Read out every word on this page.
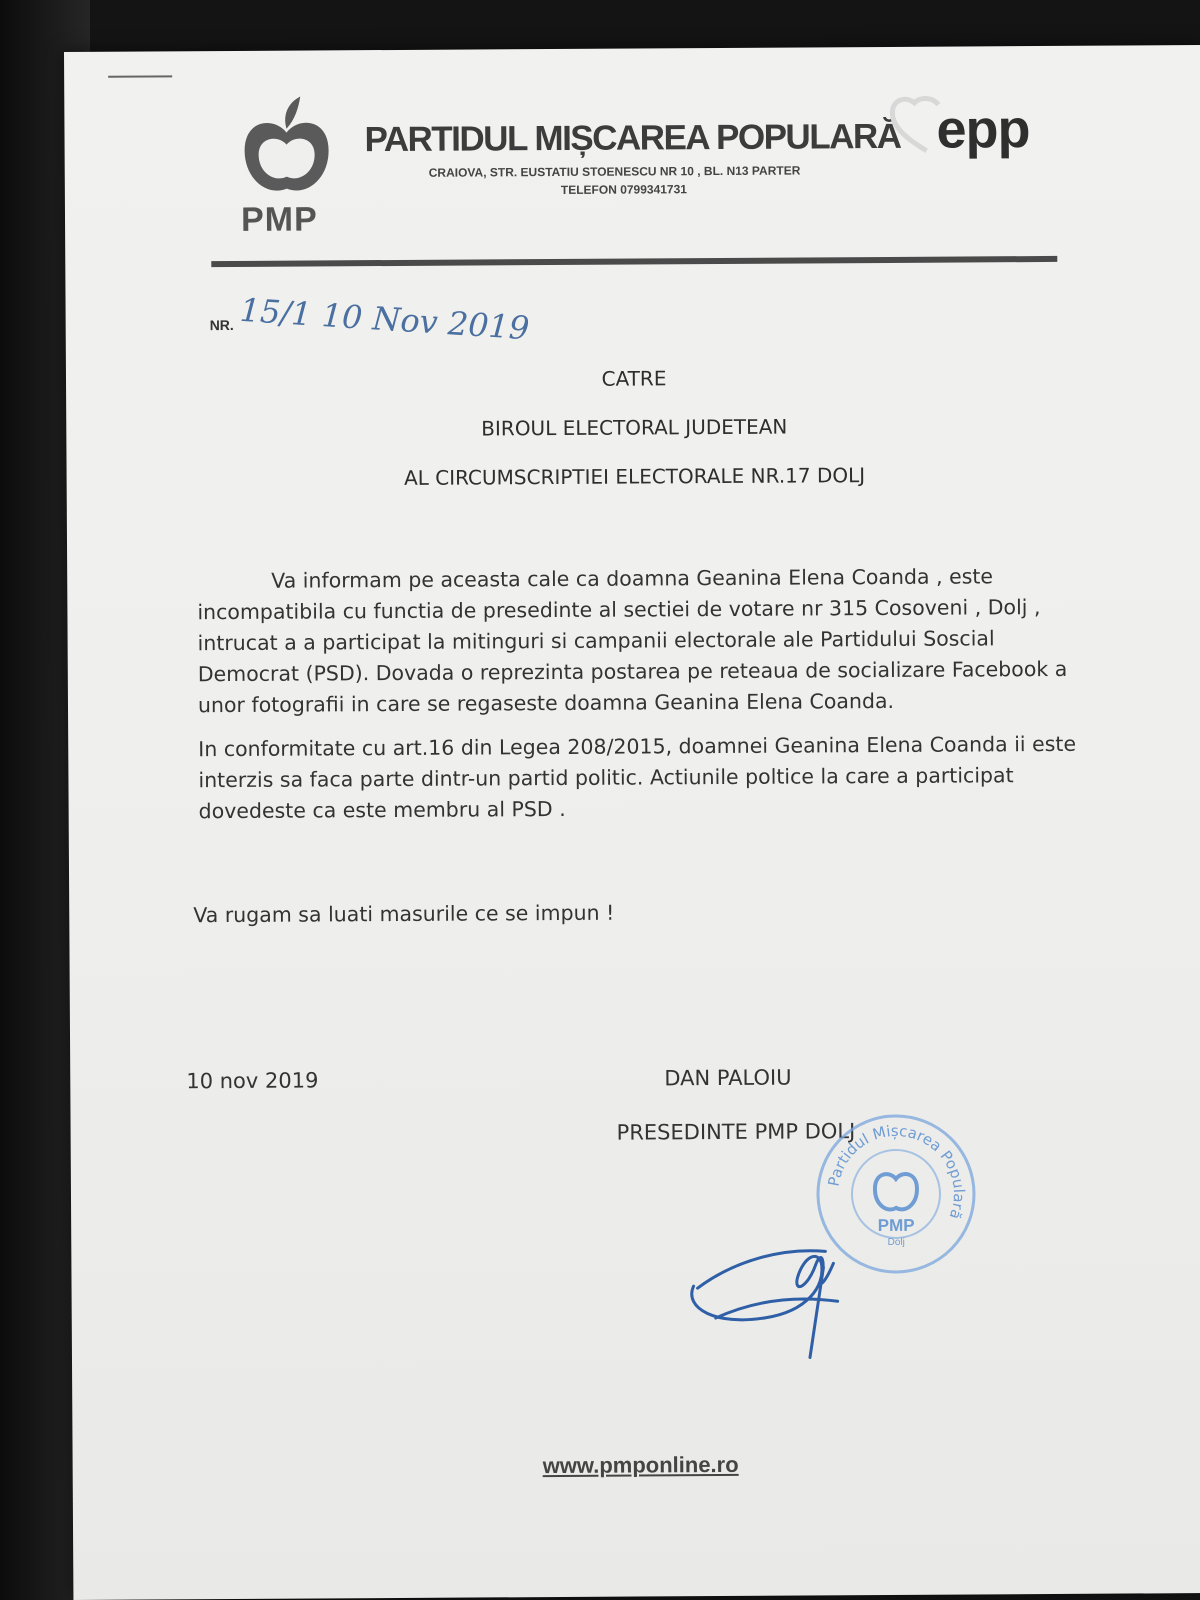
PMP
PARTIDUL MIȘCAREA POPULARĂ
CRAIOVA, STR. EUSTATIU STOENESCU NR 10 , BL. N13 PARTER
TELEFON 0799341731
epp
NR. 15/1 10 Nov 2019
CATRE
BIROUL ELECTORAL JUDETEAN
AL CIRCUMSCRIPTIEI ELECTORALE NR.17 DOLJ
Va informam pe aceasta cale ca doamna Geanina Elena Coanda , este incompatibila cu functia de presedinte al sectiei de votare nr 315 Cosoveni , Dolj , intrucat a a participat la mitinguri si campanii electorale ale Partidului Soscial Democrat (PSD). Dovada o reprezinta postarea pe reteaua de socializare Facebook a unor fotografii in care se regaseste doamna Geanina Elena Coanda.
In conformitate cu art.16 din Legea 208/2015, doamnei Geanina Elena Coanda ii este interzis sa faca parte dintr-un partid politic. Actiunile poltice la care a participat dovedeste ca este membru al PSD .
Va rugam sa luati masurile ce se impun !
10 nov 2019	DAN PALOIU
PRESEDINTE PMP DOLJ
Partidul Mișcarea Populară
PMP
Dolj
www.pmponline.ro
